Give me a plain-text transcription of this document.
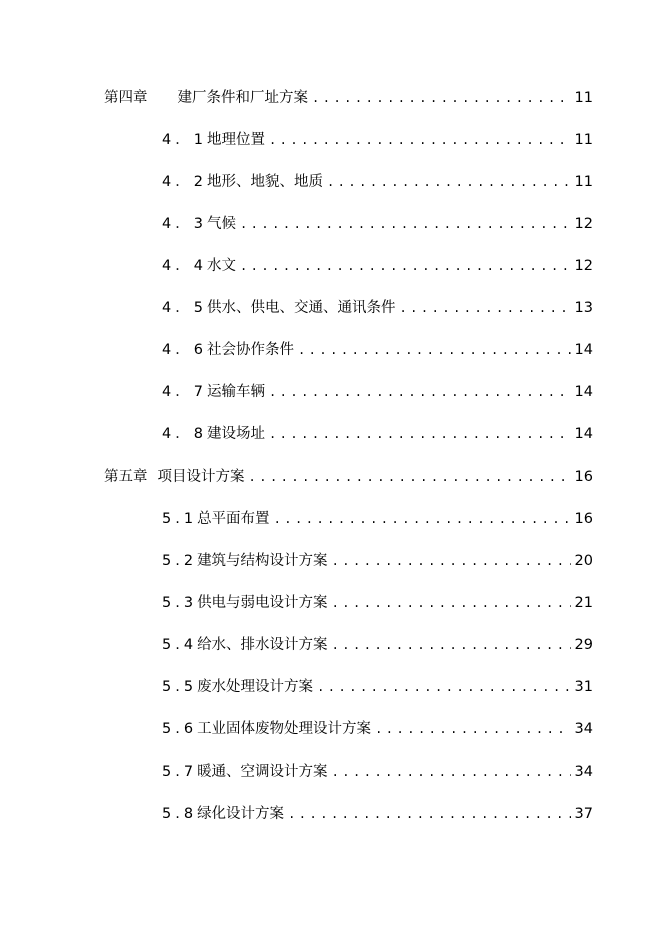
第四章 建厂条件和厂址方案 .....	11
4．1 地理位置 .....	11
4．2 地形、地貌、地质 .....	11
4．3 气候 .....	12
4．4 水文 .....	12
4．5 供水、供电、交通、通讯条件 .....	13
4．6 社会协作条件 .....	14
4．7 运输车辆 .....	14
4．8 建设场址 .....	14
第五章 项目设计方案 .....	16
5.1 总平面布置 .....	16
5.2 建筑与结构设计方案 .....	20
5.3 供电与弱电设计方案 .....	21
5.4 给水、排水设计方案 .....	29
5.5 废水处理设计方案 .....	31
5.6 工业固体废物处理设计方案 .....	34
5.7 暖通、空调设计方案 .....	34
5.8 绿化设计方案 .....	37
